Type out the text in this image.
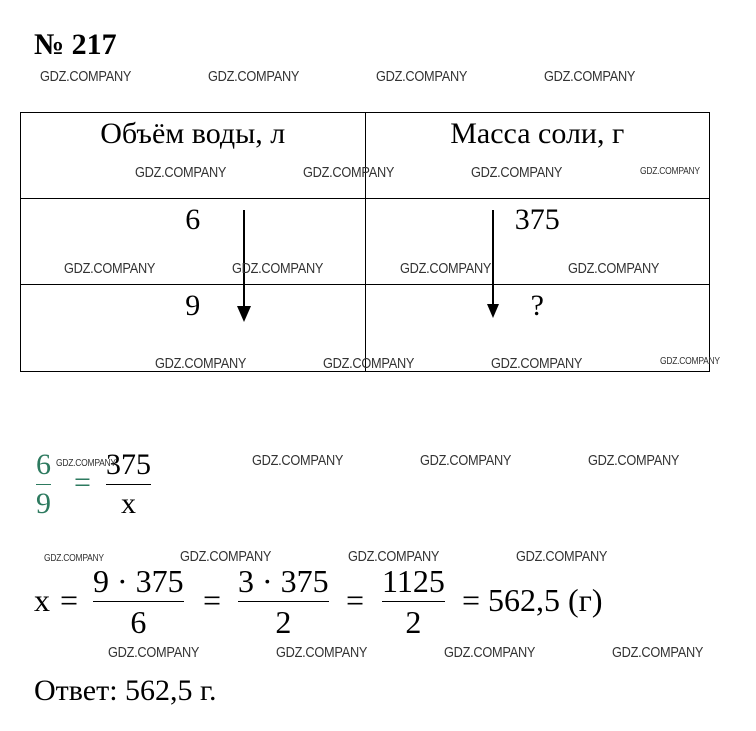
№ 217
GDZ.COMPANY	GDZ.COMPANY	GDZ.COMPANY	GDZ.COMPANY
Объём воды, л	Масса соли, г
6	375
9	?
GDZ.COMPANY	GDZ.COMPANY	GDZ.COMPANY	GDZ.COMPANY
GDZ.COMPANY	GDZ.COMPANY	GDZ.COMPANY	GDZ.COMPANY
GDZ.COMPANY	GDZ.COMPANY	GDZ.COMPANY	GDZ.COMPANY
6
9
=
375
x
GDZ.COMPANY	GDZ.COMPANY	GDZ.COMPANY	GDZ.COMPANY
GDZ.COMPANY	GDZ.COMPANY	GDZ.COMPANY	GDZ.COMPANY
x =
9 · 375
6
=
3 · 375
2
=
1125
2
= 562,5 (г)
GDZ.COMPANY	GDZ.COMPANY	GDZ.COMPANY	GDZ.COMPANY
Ответ: 562,5 г.
